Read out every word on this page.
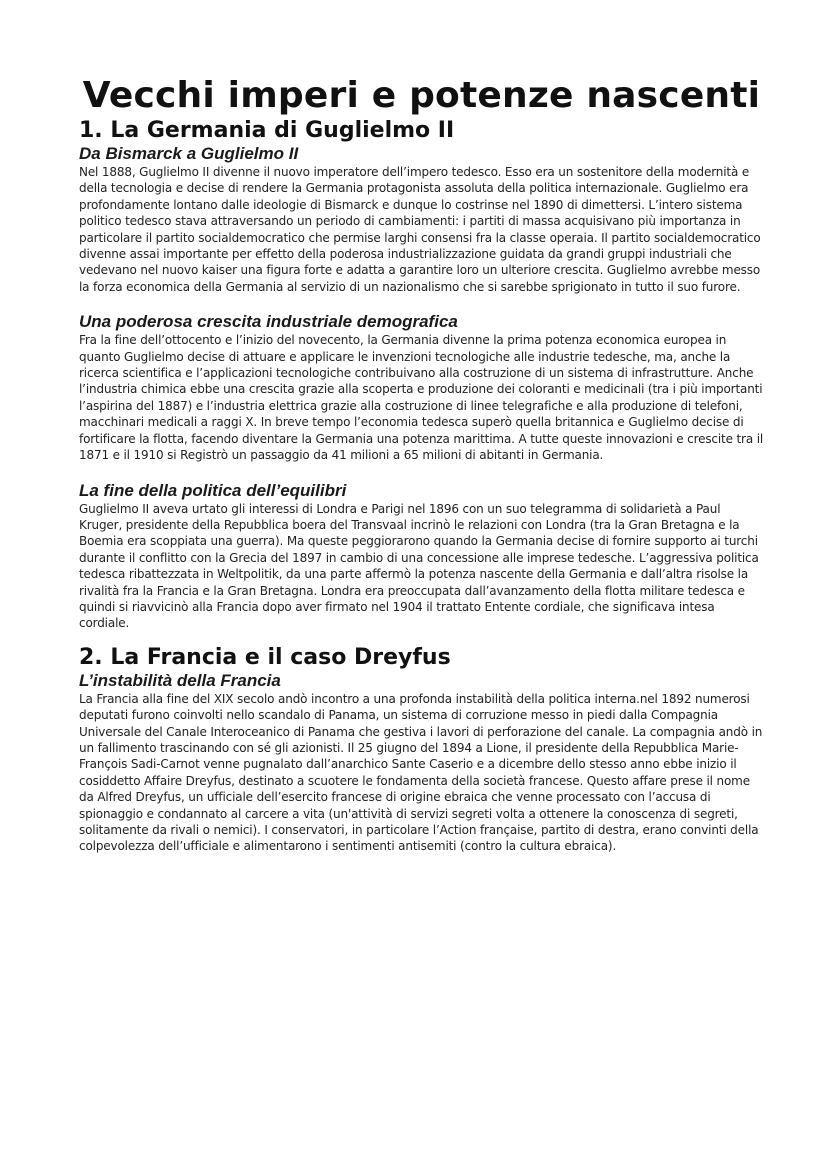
Vecchi imperi e potenze nascenti
1. La Germania di Guglielmo II
Da Bismarck a Guglielmo II

Nel 1888, Guglielmo II divenne il nuovo imperatore dell’impero tedesco. Esso era un sostenitore della modernità e della tecnologia e decise di rendere la Germania protagonista assoluta della politica internazionale. Guglielmo era profondamente lontano dalle ideologie di Bismarck e dunque lo costrinse nel 1890 di dimettersi. L’intero sistema politico tedesco stava attraversando un periodo di cambiamenti: i partiti di massa acquisivano più importanza in particolare il partito socialdemocratico che permise larghi consensi fra la classe operaia. Il partito socialdemocratico divenne assai importante per effetto della poderosa industrializzazione guidata da grandi gruppi industriali che vedevano nel nuovo kaiser una figura forte e adatta a garantire loro un ulteriore crescita. Guglielmo avrebbe messo la forza economica della Germania al servizio di un nazionalismo che si sarebbe sprigionato in tutto il suo furore.

Una poderosa crescita industriale demografica

Fra la fine dell’ottocento e l’inizio del novecento, la Germania divenne la prima potenza economica europea in quanto Guglielmo decise di attuare e applicare le invenzioni tecnologiche alle industrie tedesche, ma, anche la ricerca scientifica e l’applicazioni tecnologiche contribuivano alla costruzione di un sistema di infrastrutture. Anche l’industria chimica ebbe una crescita grazie alla scoperta e produzione dei coloranti e medicinali (tra i più importanti l’aspirina del 1887) e l’industria elettrica grazie alla costruzione di linee telegrafiche e alla produzione di telefoni, macchinari medicali a raggi X. In breve tempo l’economia tedesca superò quella britannica e Guglielmo decise di fortificare la flotta, facendo diventare la Germania una potenza marittima. A tutte queste innovazioni e crescite tra il 1871 e il 1910 si Registrò un passaggio da 41 milioni a 65 milioni di abitanti in Germania.

La fine della politica dell’equilibri

Guglielmo II aveva urtato gli interessi di Londra e Parigi nel 1896 con un suo telegramma di solidarietà a Paul Kruger, presidente della Repubblica boera del Transvaal incrinò le relazioni con Londra (tra la Gran Bretagna e la Boemia era scoppiata una guerra). Ma queste peggiorarono quando la Germania decise di fornire supporto ai turchi durante il conflitto con la Grecia del 1897 in cambio di una concessione alle imprese tedesche. L’aggressiva politica tedesca ribattezzata in Weltpolitik, da una parte affermò la potenza nascente della Germania e dall’altra risolse la rivalità fra la Francia e la Gran Bretagna. Londra era preoccupata dall’avanzamento della flotta militare tedesca e quindi si riavvicinò alla Francia dopo aver firmato nel 1904 il trattato Entente cordiale, che significava intesa cordiale.

2. La Francia e il caso Dreyfus
L’instabilità della Francia

La Francia alla fine del XIX secolo andò incontro a una profonda instabilità della politica interna.nel 1892 numerosi deputati furono coinvolti nello scandalo di Panama, un sistema di corruzione messo in piedi dalla Compagnia Universale del Canale Interoceanico di Panama che gestiva i lavori di perforazione del canale. La compagnia andò in un fallimento trascinando con sé gli azionisti. Il 25 giugno del 1894 a Lione, il presidente della Repubblica Marie-François Sadi-Carnot venne pugnalato dall’anarchico Sante Caserio e a dicembre dello stesso anno ebbe inizio il cosiddetto Affaire Dreyfus, destinato a scuotere le fondamenta della società francese. Questo affare prese il nome da Alfred Dreyfus, un ufficiale dell’esercito francese di origine ebraica che venne processato con l’accusa di spionaggio e condannato al carcere a vita (un'attività di servizi segreti volta a ottenere la conoscenza di segreti, solitamente da rivali o nemici). I conservatori, in particolare l’Action française, partito di destra, erano convinti della colpevolezza dell’ufficiale e alimentarono i sentimenti antisemiti (contro la cultura ebraica).
